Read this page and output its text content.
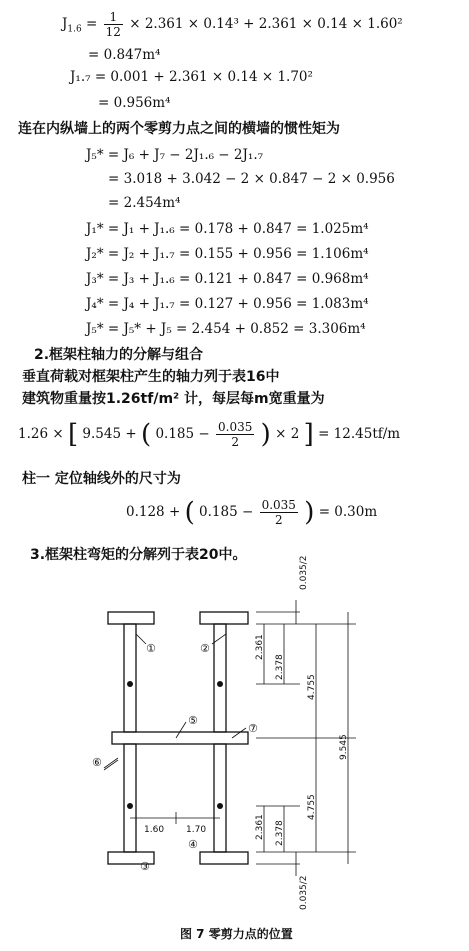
$J_{1.6} = \frac{1}{12} \times 2.361 \times 0.14^3 + 2.361 \times 0.14 \times 1.60^2$
= 0.847m⁴
J₁.₇ = 0.001 + 2.361 × 0.14 × 1.70²
= 0.956m⁴
连在内纵墙上的两个零剪力点之间的横墙的惯性矩为
J₅* = J₆ + J₇ − 2J₁.₆ − 2J₁.₇
= 3.018 + 3.042 − 2 × 0.847 − 2 × 0.956
= 2.454m⁴
J₁* = J₁ + J₁.₆ = 0.178 + 0.847 = 1.025m⁴
J₂* = J₂ + J₁.₇ = 0.155 + 0.956 = 1.106m⁴
J₃* = J₃ + J₁.₆ = 0.121 + 0.847 = 0.968m⁴
J₄* = J₄ + J₁.₇ = 0.127 + 0.956 = 1.083m⁴
J₅* = J₅* + J₅ = 2.454 + 0.852 = 3.306m⁴
2.框架柱轴力的分解与组合
垂直荷载对框架柱产生的轴力列于表16中
建筑物重量按1.26tf/m² 计，每层每m宽重量为
1.26 × [ 9.545 + ( $0.185 - \frac{0.035}{2}$ ) × 2 ] = 12.45tf/m
柱一 定位轴线外的尺寸为
0.128 + ( $0.185 - \frac{0.035}{2}$ ) = 0.30m
3.框架柱弯矩的分解列于表20中。
①	②
③
④
⑤
⑥
⑦
0.035/2
2.361
2.378
4.755
9.545
4.755
2.361 2.378
0.035/2
1.60 1.70
图 7 零剪力点的位置
